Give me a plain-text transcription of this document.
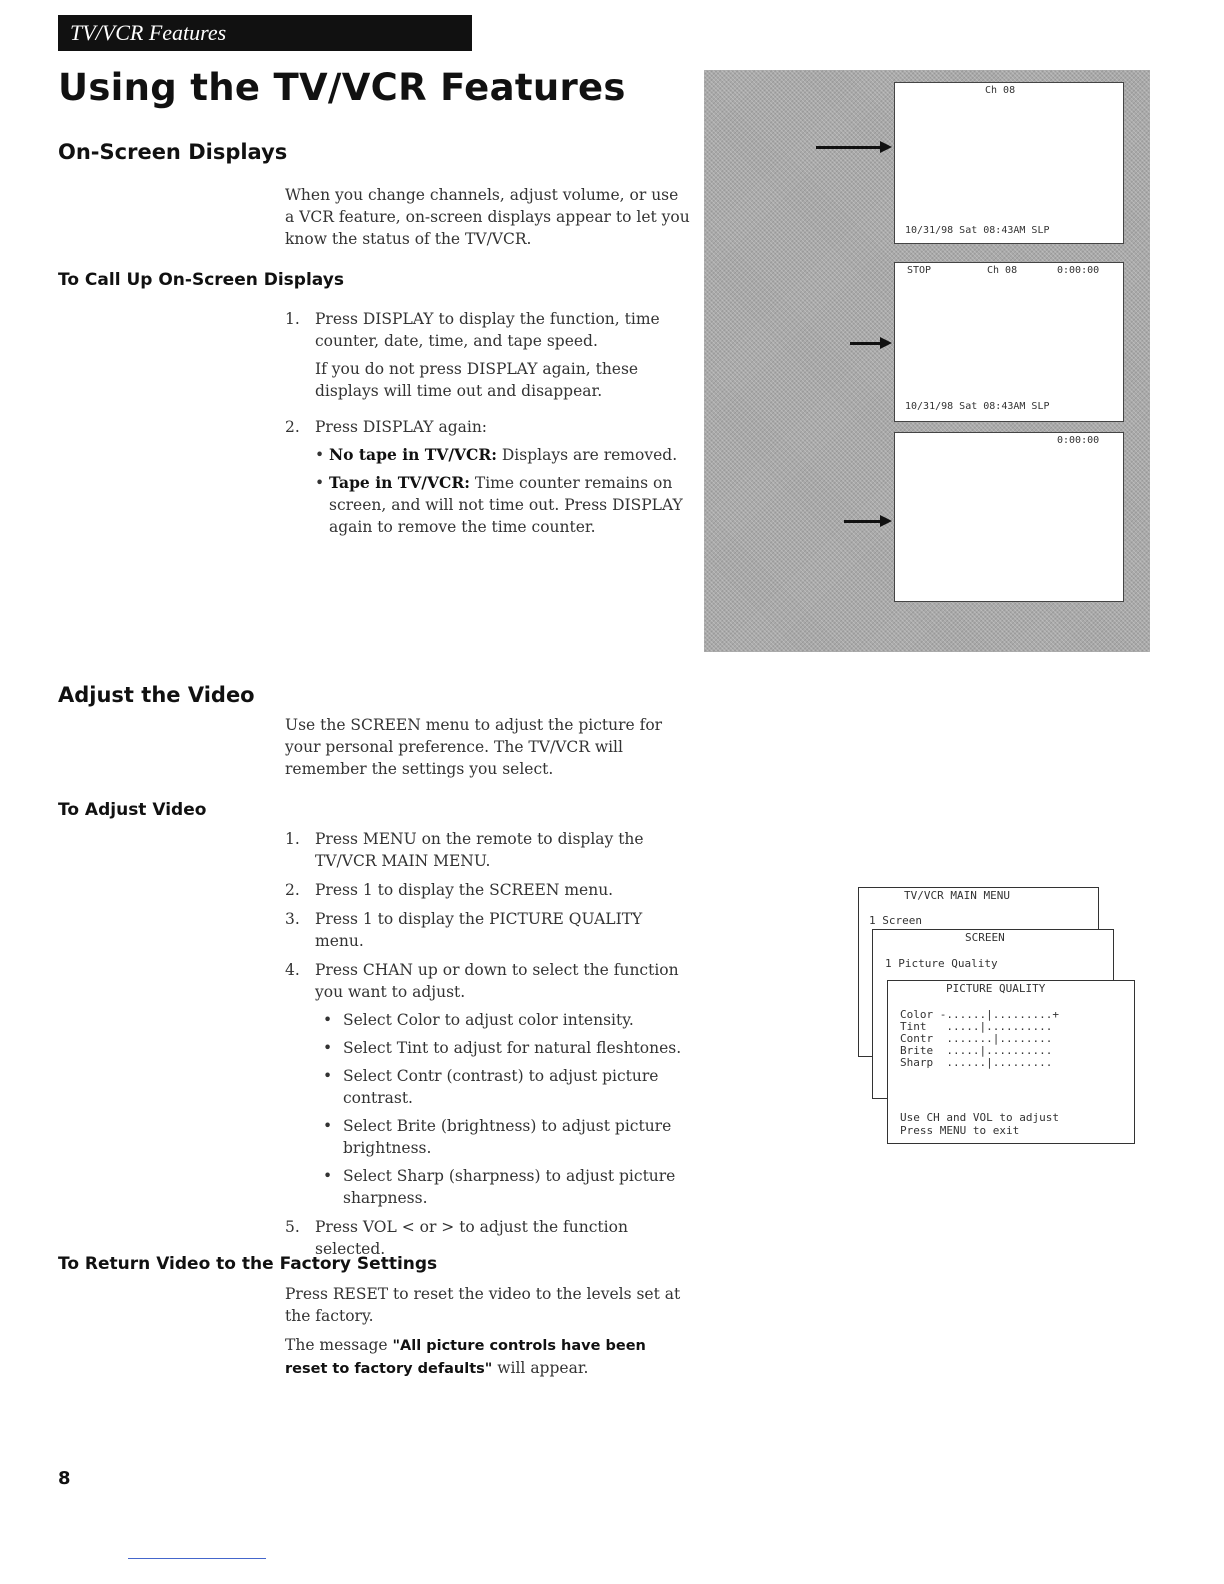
TV/VCR Features
Using the TV/VCR Features
On-Screen Displays

When you change channels, adjust volume, or use a VCR feature, on-screen displays appear to let you know the status of the TV/VCR.

To Call Up On-Screen Displays
1. Press DISPLAY to display the function, time counter, date, time, and tape speed.

If you do not press DISPLAY again, these displays will time out and disappear.

2. Press DISPLAY again:
• No tape in TV/VCR: Displays are removed.
• Tape in TV/VCR: Time counter remains on screen, and will not time out. Press DISPLAY again to remove the time counter.
Ch 08
10/31/98 Sat 08:43AM SLP
STOP	Ch 08	0:00:00
10/31/98 Sat 08:43AM SLP
0:00:00
Adjust the Video

Use the SCREEN menu to adjust the picture for your personal preference. The TV/VCR will remember the settings you select.

To Adjust Video
1. Press MENU on the remote to display the TV/VCR MAIN MENU.
2. Press 1 to display the SCREEN menu.
3. Press 1 to display the PICTURE QUALITY menu.
4. Press CHAN up or down to select the function you want to adjust.
• Select Color to adjust color intensity.
• Select Tint to adjust for natural fleshtones.
• Select Contr (contrast) to adjust picture contrast.
• Select Brite (brightness) to adjust picture brightness.
• Select Sharp (sharpness) to adjust picture sharpness.
5. Press VOL < or > to adjust the function selected.
TV/VCR MAIN MENU
1 Screen
SCREEN
1 Picture Quality
PICTURE QUALITY
Color -......|.........+
Tint   .....|..........
Contr  .......|........
Brite  .....|..........
Sharp  ......|.........
Use CH and VOL to adjust
Press MENU to exit
To Return Video to the Factory Settings

Press RESET to reset the video to the levels set at the factory.

The message "All picture controls have been reset to factory defaults" will appear.

8
